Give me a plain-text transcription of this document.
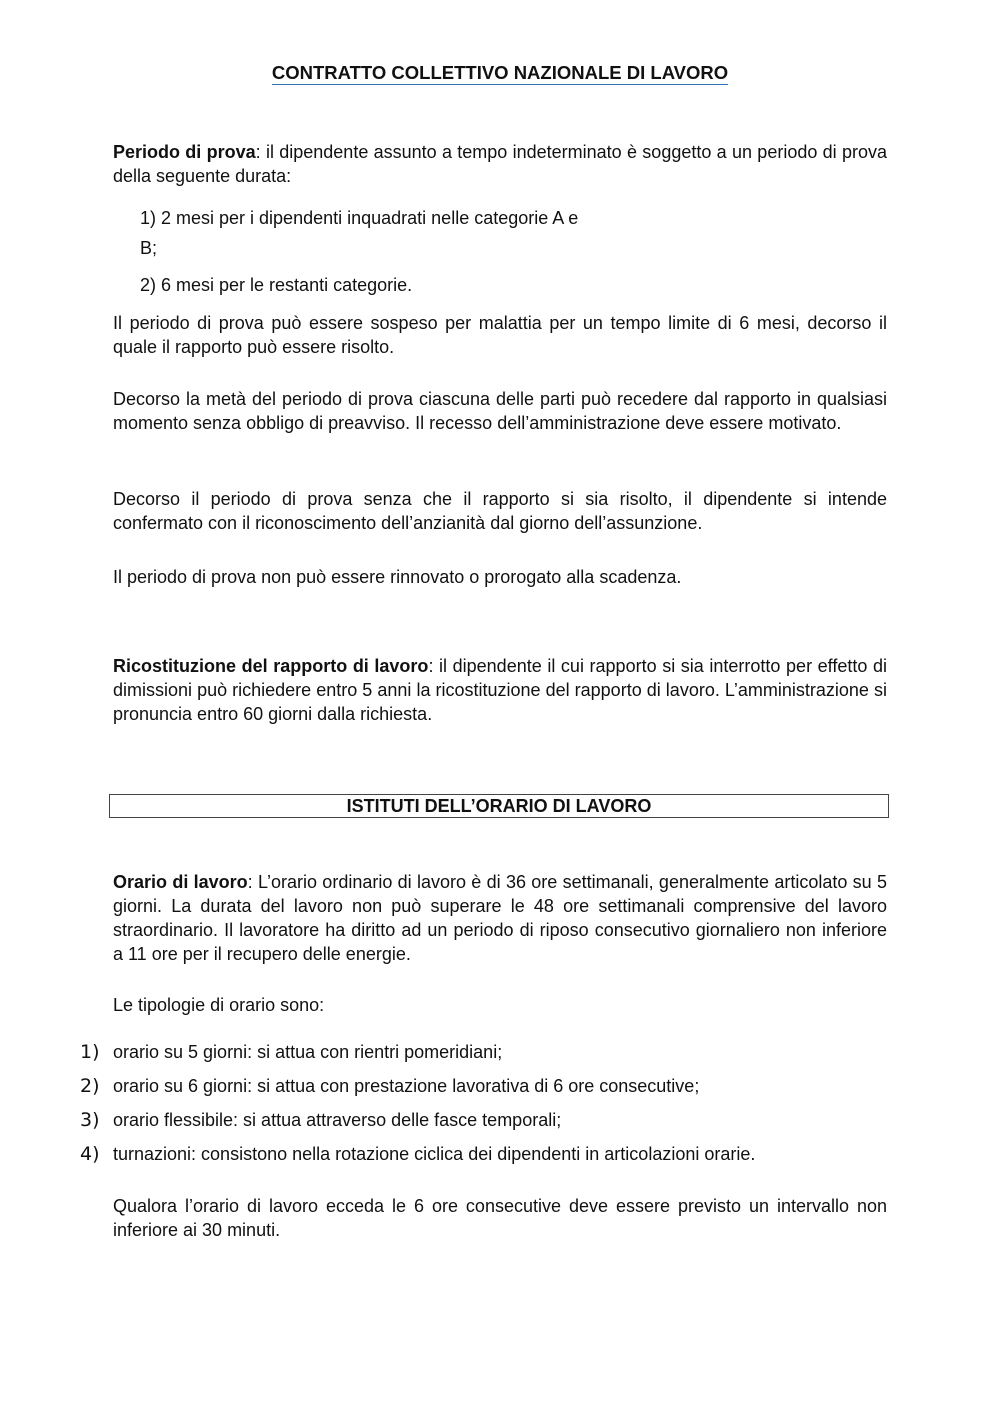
CONTRATTO COLLETTIVO NAZIONALE DI LAVORO

Periodo di prova: il dipendente assunto a tempo indeterminato è soggetto a un periodo di prova della seguente durata:

1) 2 mesi per i dipendenti inquadrati nelle categorie A e

B;

2) 6 mesi per le restanti categorie.

Il periodo di prova può essere sospeso per malattia per un tempo limite di 6 mesi, decorso il quale il rapporto può essere risolto.

Decorso la metà del periodo di prova ciascuna delle parti può recedere dal rapporto in qualsiasi momento senza obbligo di preavviso. Il recesso dell’amministrazione deve essere motivato.

Decorso il periodo di prova senza che il rapporto si sia risolto, il dipendente si intende confermato con il riconoscimento dell’anzianità dal giorno dell’assunzione.

Il periodo di prova non può essere rinnovato o prorogato alla scadenza.

Ricostituzione del rapporto di lavoro: il dipendente il cui rapporto si sia interrotto per effetto di dimissioni può richiedere entro 5 anni la ricostituzione del rapporto di lavoro. L’amministrazione si pronuncia entro 60 giorni dalla richiesta.

ISTITUTI DELL’ORARIO DI LAVORO

Orario di lavoro: L’orario ordinario di lavoro è di 36 ore settimanali, generalmente articolato su 5 giorni. La durata del lavoro non può superare le 48 ore settimanali comprensive del lavoro straordinario. Il lavoratore ha diritto ad un periodo di riposo consecutivo giornaliero non inferiore a 11 ore per il recupero delle energie.

Le tipologie di orario sono:

1) orario su 5 giorni: si attua con rientri pomeridiani;
2) orario su 6 giorni: si attua con prestazione lavorativa di 6 ore consecutive;
3) orario flessibile: si attua attraverso delle fasce temporali;
4) turnazioni: consistono nella rotazione ciclica dei dipendenti in articolazioni orarie.

Qualora l’orario di lavoro ecceda le 6 ore consecutive deve essere previsto un intervallo non inferiore ai 30 minuti.
